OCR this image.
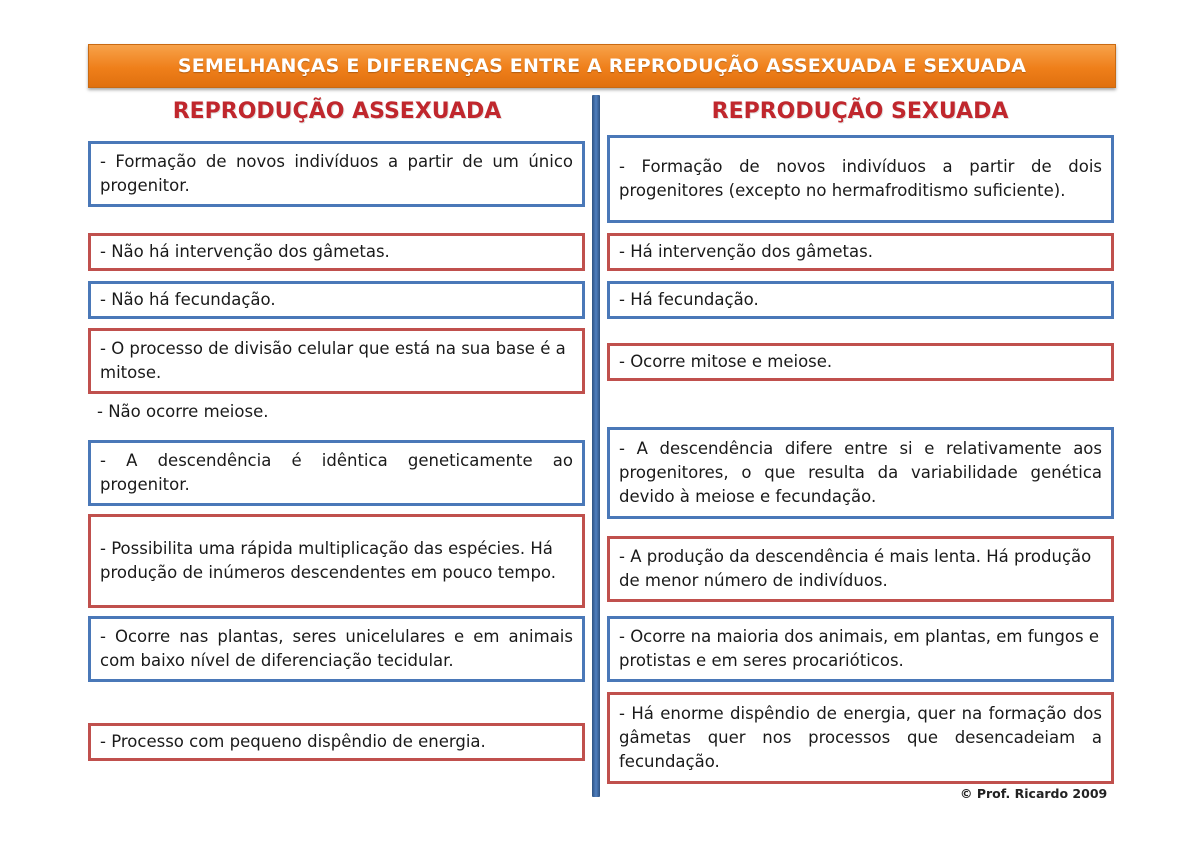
SEMELHANÇAS E DIFERENÇAS ENTRE A REPRODUÇÃO ASSEXUADA E SEXUADA
REPRODUÇÃO ASSEXUADA	REPRODUÇÃO SEXUADA
- Formação de novos indivíduos a partir de um único progenitor.
- Não há intervenção dos gâmetas.
- Não há fecundação.
- O processo de divisão celular que está na sua base é a mitose.
- Não ocorre meiose.
- A descendência é idêntica geneticamente ao progenitor.
- Possibilita uma rápida multiplicação das espécies. Há produção de inúmeros descendentes em pouco tempo.
- Ocorre nas plantas, seres unicelulares e em animais com baixo nível de diferenciação tecidular.
- Processo com pequeno dispêndio de energia.
- Formação de novos indivíduos a partir de dois progenitores (excepto no hermafroditismo suficiente).
- Há intervenção dos gâmetas.
- Há fecundação.
- Ocorre mitose e meiose.
- A descendência difere entre si e relativamente aos progenitores, o que resulta da variabilidade genética devido à meiose e fecundação.
- A produção da descendência é mais lenta. Há produção de menor número de indivíduos.
- Ocorre na maioria dos animais, em plantas, em fungos e protistas e em seres procarióticos.
- Há enorme dispêndio de energia, quer na formação dos gâmetas quer nos processos que desencadeiam a fecundação.
© Prof. Ricardo 2009
